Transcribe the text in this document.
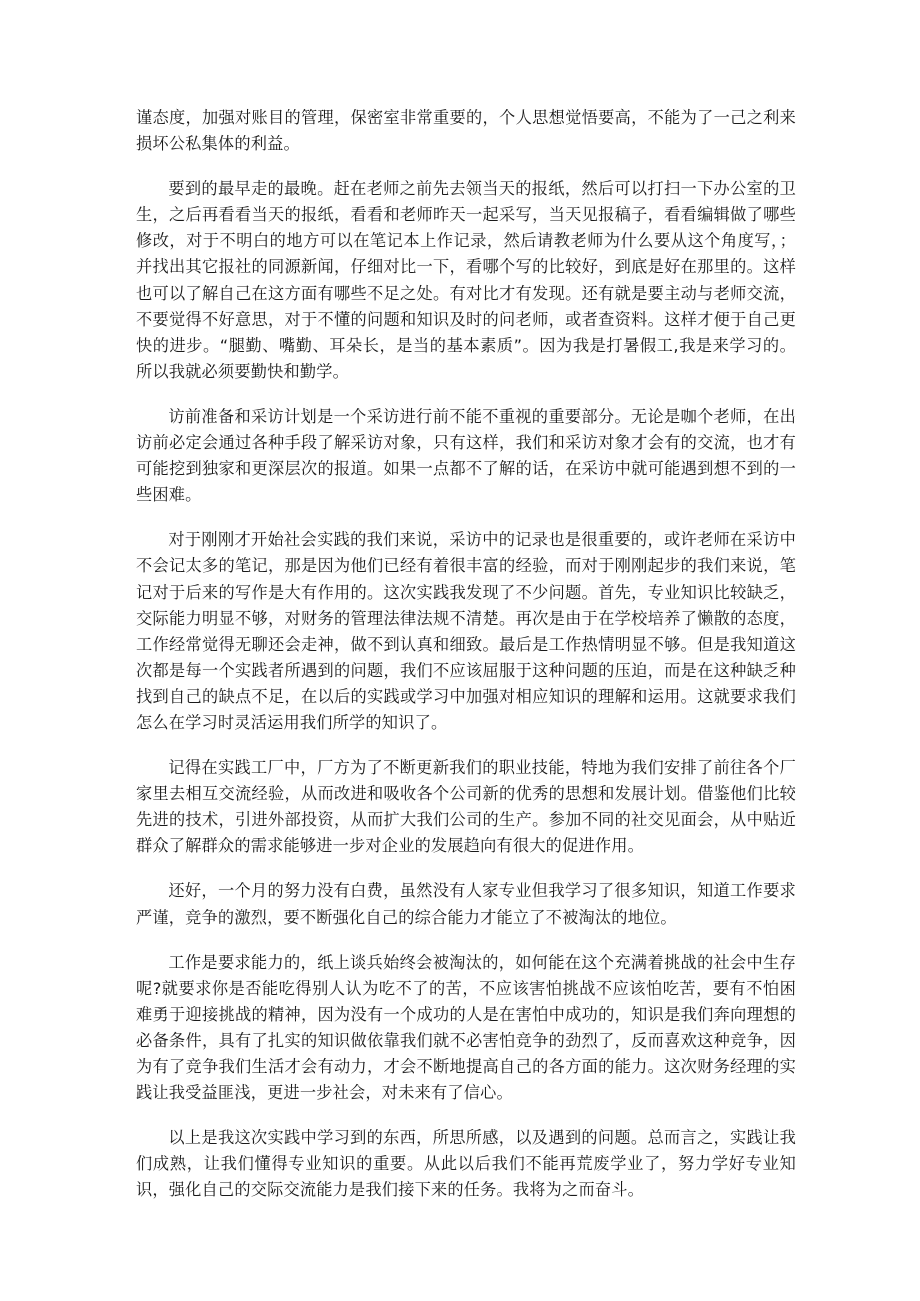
谨态度，加强对账目的管理，保密室非常重要的，个人思想觉悟要高，不能为了一己之利来损坏公私集体的利益。

要到的最早走的最晚。赶在老师之前先去领当天的报纸，然后可以打扫一下办公室的卫生，之后再看看当天的报纸，看看和老师昨天一起采写，当天见报稿子，看看编辑做了哪些修改，对于不明白的地方可以在笔记本上作记录，然后请教老师为什么要从这个角度写，；并找出其它报社的同源新闻，仔细对比一下，看哪个写的比较好，到底是好在那里的。这样也可以了解自己在这方面有哪些不足之处。有对比才有发现。还有就是要主动与老师交流，不要觉得不好意思，对于不懂的问题和知识及时的问老师，或者查资料。这样才便于自己更快的进步。“腿勤、嘴勤、耳朵长，是当的基本素质”。因为我是打暑假工,我是来学习的。所以我就必须要勤快和勤学。

访前准备和采访计划是一个采访进行前不能不重视的重要部分。无论是咖个老师，在出访前必定会通过各种手段了解采访对象，只有这样，我们和采访对象才会有的交流，也才有可能挖到独家和更深层次的报道。如果一点都不了解的话，在采访中就可能遇到想不到的一些困难。

对于刚刚才开始社会实践的我们来说，采访中的记录也是很重要的，或许老师在采访中不会记太多的笔记，那是因为他们已经有着很丰富的经验，而对于刚刚起步的我们来说，笔记对于后来的写作是大有作用的。这次实践我发现了不少问题。首先，专业知识比较缺乏，交际能力明显不够，对财务的管理法律法规不清楚。再次是由于在学校培养了懒散的态度，工作经常觉得无聊还会走神，做不到认真和细致。最后是工作热情明显不够。但是我知道这次都是每一个实践者所遇到的问题，我们不应该屈服于这种问题的压迫，而是在这种缺乏种找到自己的缺点不足，在以后的实践或学习中加强对相应知识的理解和运用。这就要求我们怎么在学习时灵活运用我们所学的知识了。

记得在实践工厂中，厂方为了不断更新我们的职业技能，特地为我们安排了前往各个厂家里去相互交流经验，从而改进和吸收各个公司新的优秀的思想和发展计划。借鉴他们比较先进的技术，引进外部投资，从而扩大我们公司的生产。参加不同的社交见面会，从中贴近群众了解群众的需求能够进一步对企业的发展趋向有很大的促进作用。

还好，一个月的努力没有白费，虽然没有人家专业但我学习了很多知识，知道工作要求严谨，竞争的激烈，要不断强化自己的综合能力才能立了不被淘汰的地位。

工作是要求能力的，纸上谈兵始终会被淘汰的，如何能在这个充满着挑战的社会中生存呢?就要求你是否能吃得别人认为吃不了的苦，不应该害怕挑战不应该怕吃苦，要有不怕困难勇于迎接挑战的精神，因为没有一个成功的人是在害怕中成功的，知识是我们奔向理想的必备条件，具有了扎实的知识做依靠我们就不必害怕竞争的劲烈了，反而喜欢这种竞争，因为有了竞争我们生活才会有动力，才会不断地提高自己的各方面的能力。这次财务经理的实践让我受益匪浅，更进一步社会，对未来有了信心。

以上是我这次实践中学习到的东西，所思所感，以及遇到的问题。总而言之，实践让我们成熟，让我们懂得专业知识的重要。从此以后我们不能再荒废学业了，努力学好专业知识，强化自己的交际交流能力是我们接下来的任务。我将为之而奋斗。
